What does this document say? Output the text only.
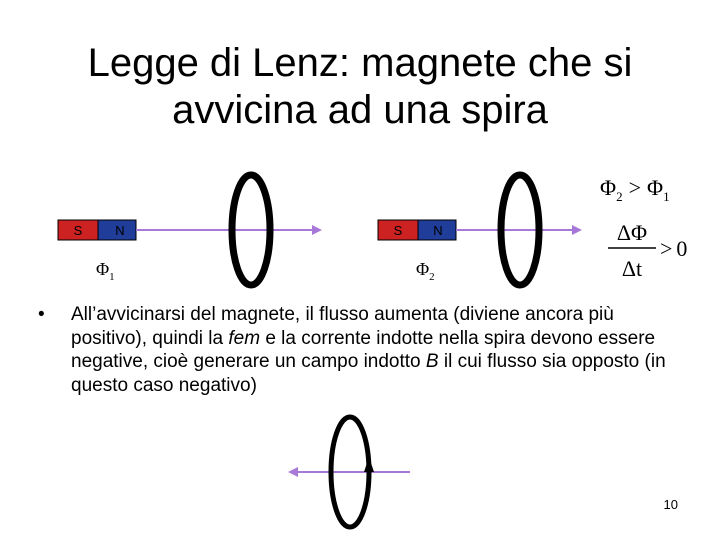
Legge di Lenz: magnete che si
avvicina ad una spira
S	N
$\Phi_1$
S N
$\Phi_2$
$\Phi_2 > \Phi_1$
ΔΦ
Δt
> 0
• All’avvicinarsi del magnete, il flusso aumenta (diviene ancora più positivo), quindi la fem e la corrente indotte nella spira devono essere negative, cioè generare un campo indotto B il cui flusso sia opposto (in questo caso negativo)
10
